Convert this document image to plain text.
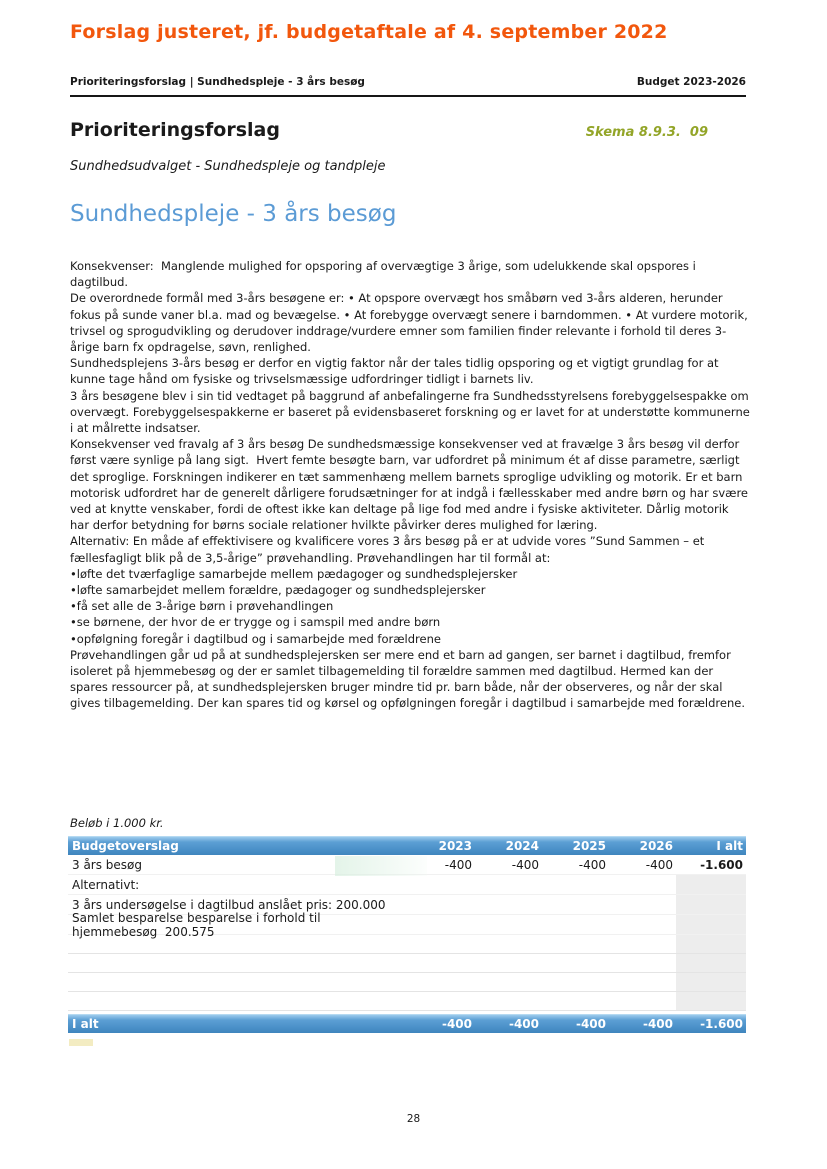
Forslag justeret, jf. budgetaftale af 4. september 2022
Prioriteringsforslag | Sundhedspleje - 3 års besøg	Budget 2023-2026
Prioriteringsforslag	Skema 8.9.3.  09
Sundhedsudvalget - Sundhedspleje og tandpleje
Sundhedspleje - 3 års besøg

Konsekvenser:  Manglende mulighed for opsporing af overvægtige 3 årige, som udelukkende skal opspores i dagtilbud.

De overordnede formål med 3-års besøgene er: • At opspore overvægt hos småbørn ved 3-års alderen, herunder fokus på sunde vaner bl.a. mad og bevægelse. • At forebygge overvægt senere i barndommen. • At vurdere motorik, trivsel og sprogudvikling og derudover inddrage/vurdere emner som familien finder relevante i forhold til deres 3-årige barn fx opdragelse, søvn, renlighed.

Sundhedsplejens 3-års besøg er derfor en vigtig faktor når der tales tidlig opsporing og et vigtigt grundlag for at kunne tage hånd om fysiske og trivselsmæssige udfordringer tidligt i barnets liv.

3 års besøgene blev i sin tid vedtaget på baggrund af anbefalingerne fra Sundhedsstyrelsens forebyggelsespakke om overvægt. Forebyggelsespakkerne er baseret på evidensbaseret forskning og er lavet for at understøtte kommunerne i at målrette indsatser.

Konsekvenser ved fravalg af 3 års besøg De sundhedsmæssige konsekvenser ved at fravælge 3 års besøg vil derfor først være synlige på lang sigt.  Hvert femte besøgte barn, var udfordret på minimum ét af disse parametre, særligt det sproglige. Forskningen indikerer en tæt sammenhæng mellem barnets sproglige udvikling og motorik. Er et barn motorisk udfordret har de generelt dårligere forudsætninger for at indgå i fællesskaber med andre børn og har svære ved at knytte venskaber, fordi de oftest ikke kan deltage på lige fod med andre i fysiske aktiviteter. Dårlig motorik har derfor betydning for børns sociale relationer hvilkte påvirker deres mulighed for læring.

Alternativ: En måde af effektivisere og kvalificere vores 3 års besøg på er at udvide vores ”Sund Sammen – et fællesfagligt blik på de 3,5-årige” prøvehandling. Prøvehandlingen har til formål at:

•løfte det tværfaglige samarbejde mellem pædagoger og sundhedsplejersker

•løfte samarbejdet mellem forældre, pædagoger og sundhedsplejersker

•få set alle de 3-årige børn i prøvehandlingen

•se børnene, der hvor de er trygge og i samspil med andre børn

•opfølgning foregår i dagtilbud og i samarbejde med forældrene

Prøvehandlingen går ud på at sundhedsplejersken ser mere end et barn ad gangen, ser barnet i dagtilbud, fremfor isoleret på hjemmebesøg og der er samlet tilbagemelding til forældre sammen med dagtilbud. Hermed kan der spares ressourcer på, at sundhedsplejersken bruger mindre tid pr. barn både, når der observeres, og når der skal gives tilbagemelding. Der kan spares tid og kørsel og opfølgningen foregår i dagtilbud i samarbejde med forældrene.

Beløb i 1.000 kr.
Budgetoverslag	2023	2024	2025	2026	I alt
3 års besøg	-400	-400	-400	-400	-1.600
Alternativt:
3 års undersøgelse i dagtilbud anslået pris: 200.000
Samlet besparelse besparelse i forhold til hjemmebesøg  200.575
I alt	-400	-400	-400	-400	-1.600
28
